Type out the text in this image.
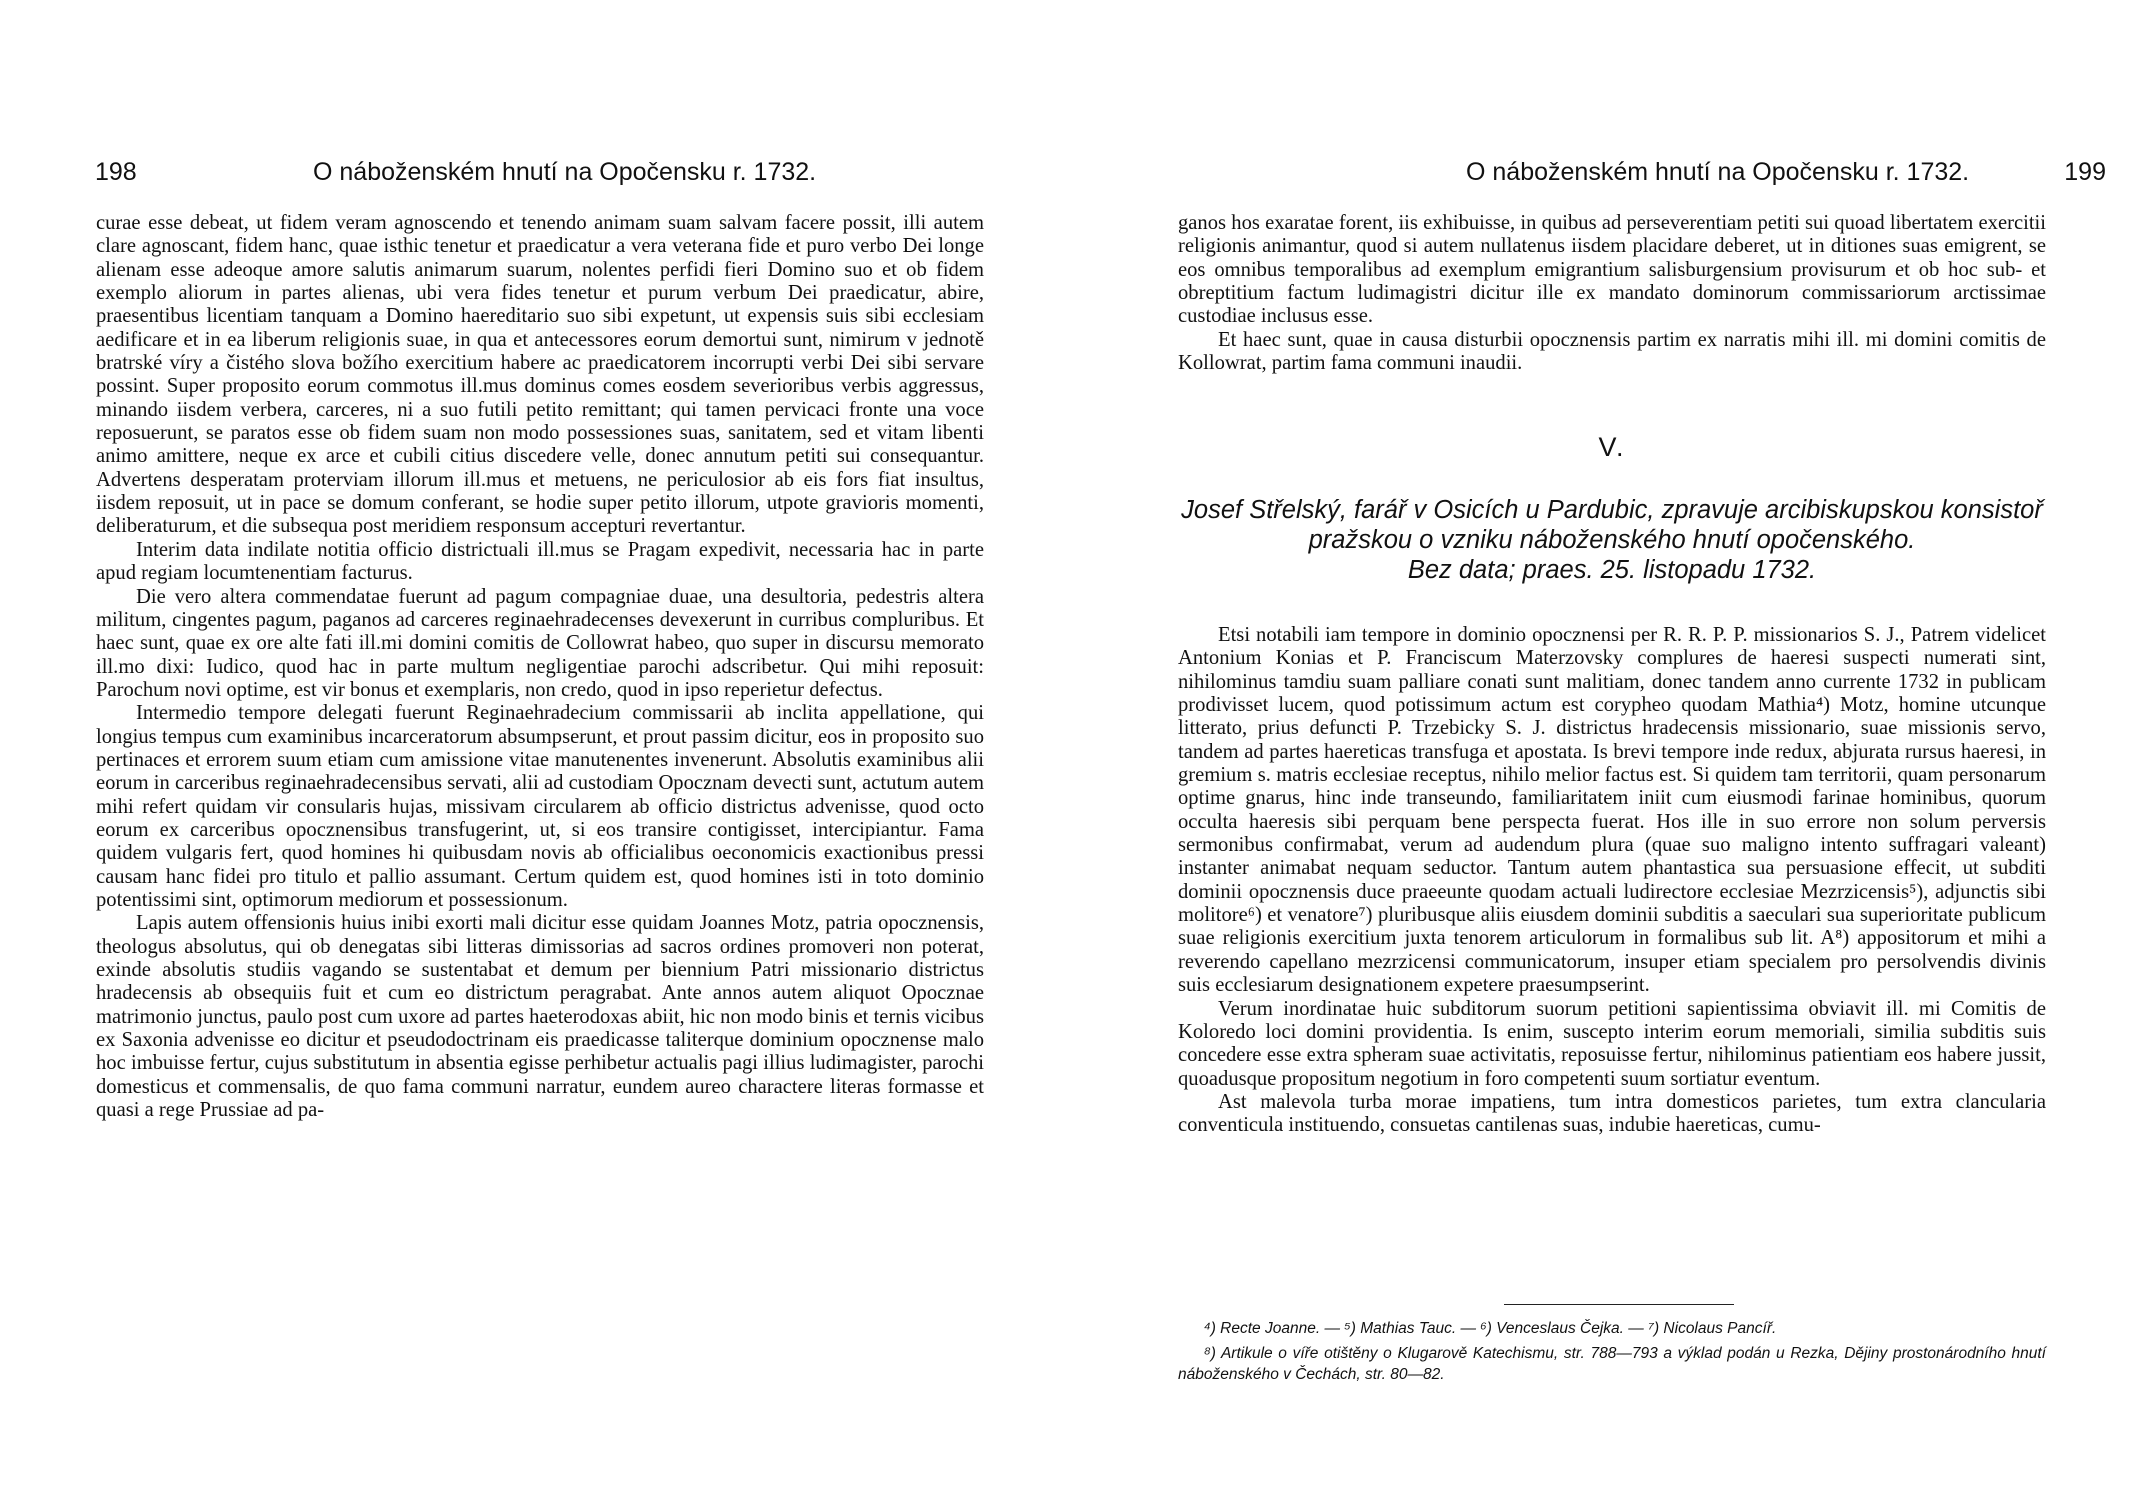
198	O náboženském hnutí na Opočensku r. 1732.

curae esse debeat, ut fidem veram agnoscendo et tenendo animam suam salvam facere possit, illi autem clare agnoscant, fidem hanc, quae isthic tenetur et praedicatur a vera veterana fide et puro verbo Dei longe alienam esse adeoque amore salutis animarum suarum, nolentes perfidi fieri Domino suo et ob fidem exemplo aliorum in partes alienas, ubi vera fides tenetur et purum verbum Dei praedicatur, abire, praesentibus licentiam tanquam a Domino haereditario suo sibi expetunt, ut expensis suis sibi ecclesiam aedificare et in ea liberum religionis suae, in qua et antecessores eorum demortui sunt, nimirum v jednotě bratrské víry a čistého slova božího exercitium habere ac praedicatorem incorrupti verbi Dei sibi servare possint. Super proposito eorum commotus ill.mus dominus comes eosdem severioribus verbis aggressus, minando iisdem verbera, carceres, ni a suo futili petito remittant; qui tamen pervicaci fronte una voce reposuerunt, se paratos esse ob fidem suam non modo possessiones suas, sanitatem, sed et vitam libenti animo amittere, neque ex arce et cubili citius discedere velle, donec annutum petiti sui consequantur. Advertens desperatam proterviam illorum ill.mus et metuens, ne periculosior ab eis fors fiat insultus, iisdem reposuit, ut in pace se domum conferant, se hodie super petito illorum, utpote gravioris momenti, deliberaturum, et die subsequa post meridiem responsum accepturi revertantur.

Interim data indilate notitia officio districtuali ill.mus se Pragam expedivit, necessaria hac in parte apud regiam locumtenentiam facturus.

Die vero altera commendatae fuerunt ad pagum compagniae duae, una desultoria, pedestris altera militum, cingentes pagum, paganos ad carceres reginaehradecenses devexerunt in curribus compluribus. Et haec sunt, quae ex ore alte fati ill.mi domini comitis de Collowrat habeo, quo super in discursu memorato ill.mo dixi: Iudico, quod hac in parte multum negligentiae parochi adscribetur. Qui mihi reposuit: Parochum novi optime, est vir bonus et exemplaris, non credo, quod in ipso reperietur defectus.

Intermedio tempore delegati fuerunt Reginaehradecium commissarii ab inclita appellatione, qui longius tempus cum examinibus incarceratorum absumpserunt, et prout passim dicitur, eos in proposito suo pertinaces et errorem suum etiam cum amissione vitae manutenentes invenerunt. Absolutis examinibus alii eorum in carceribus reginaehradecensibus servati, alii ad custodiam Opocznam devecti sunt, actutum autem mihi refert quidam vir consularis hujas, missivam circularem ab officio districtus advenisse, quod octo eorum ex carceribus opocznensibus transfugerint, ut, si eos transire contigisset, intercipiantur. Fama quidem vulgaris fert, quod homines hi quibusdam novis ab officialibus oeconomicis exactionibus pressi causam hanc fidei pro titulo et pallio assumant. Certum quidem est, quod homines isti in toto dominio potentissimi sint, optimorum mediorum et possessionum.

Lapis autem offensionis huius inibi exorti mali dicitur esse quidam Joannes Motz, patria opocznensis, theologus absolutus, qui ob denegatas sibi litteras dimissorias ad sacros ordines promoveri non poterat, exinde absolutis studiis vagando se sustentabat et demum per biennium Patri missionario districtus hradecensis ab obsequiis fuit et cum eo districtum peragrabat. Ante annos autem aliquot Opocznae matrimonio junctus, paulo post cum uxore ad partes haeterodoxas abiit, hic non modo binis et ternis vicibus ex Saxonia advenisse eo dicitur et pseudodoctrinam eis praedicasse taliterque dominium opocznense malo hoc imbuisse fertur, cujus substitutum in absentia egisse perhibetur actualis pagi illius ludimagister, parochi domesticus et commensalis, de quo fama communi narratur, eundem aureo charactere literas formasse et quasi a rege Prussiae ad pa-

O náboženském hnutí na Opočensku r. 1732.	199

ganos hos exaratae forent, iis exhibuisse, in quibus ad perseverentiam petiti sui quoad libertatem exercitii religionis animantur, quod si autem nullatenus iisdem placidare deberet, ut in ditiones suas emigrent, se eos omnibus temporalibus ad exemplum emigrantium salisburgensium provisurum et ob hoc sub- et obreptitium factum ludimagistri dicitur ille ex mandato dominorum commissariorum arctissimae custodiae inclusus esse.

Et haec sunt, quae in causa disturbii opocznensis partim ex narratis mihi ill. mi domini comitis de Kollowrat, partim fama communi inaudii.

V.
Josef Střelský, farář v Osicích u Pardubic, zpravuje arcibiskupskou konsistoř
pražskou o vzniku náboženského hnutí opočenského.
Bez data; praes. 25. listopadu 1732.

Etsi notabili iam tempore in dominio opocznensi per R. R. P. P. missionarios S. J., Patrem videlicet Antonium Konias et P. Franciscum Materzovsky complures de haeresi suspecti numerati sint, nihilominus tamdiu suam palliare conati sunt malitiam, donec tandem anno currente 1732 in publicam prodivisset lucem, quod potissimum actum est corypheo quodam Mathia⁴) Motz, homine utcunque litterato, prius defuncti P. Trzebicky S. J. districtus hradecensis missionario, suae missionis servo, tandem ad partes haereticas transfuga et apostata. Is brevi tempore inde redux, abjurata rursus haeresi, in gremium s. matris ecclesiae receptus, nihilo melior factus est. Si quidem tam territorii, quam personarum optime gnarus, hinc inde transeundo, familiaritatem iniit cum eiusmodi farinae hominibus, quorum occulta haeresis sibi perquam bene perspecta fuerat. Hos ille in suo errore non solum perversis sermonibus confirmabat, verum ad audendum plura (quae suo maligno intento suffragari valeant) instanter animabat nequam seductor. Tantum autem phantastica sua persuasione effecit, ut subditi dominii opocznensis duce praeeunte quodam actuali ludirectore ecclesiae Mezrzicensis⁵), adjunctis sibi molitore⁶) et venatore⁷) pluribusque aliis eiusdem dominii subditis a saeculari sua superioritate publicum suae religionis exercitium juxta tenorem articulorum in formalibus sub lit. A⁸) appositorum et mihi a reverendo capellano mezrzicensi communicatorum, insuper etiam specialem pro persolvendis divinis suis ecclesiarum designationem expetere praesumpserint.

Verum inordinatae huic subditorum suorum petitioni sapientissima obviavit ill. mi Comitis de Koloredo loci domini providentia. Is enim, suscepto interim eorum memoriali, similia subditis suis concedere esse extra spheram suae activitatis, reposuisse fertur, nihilominus patientiam eos habere jussit, quoadusque propositum negotium in foro competenti suum sortiatur eventum.

Ast malevola turba morae impatiens, tum intra domesticos parietes, tum extra clancularia conventicula instituendo, consuetas cantilenas suas, indubie haereticas, cumu-

⁴) Recte Joanne. — ⁵) Mathias Tauc. — ⁶) Venceslaus Čejka. — ⁷) Nicolaus Pancíř.

⁸) Artikule o víře otištěny o Klugarově Katechismu, str. 788—793 a výklad podán u Rezka, Dějiny prostonárodního hnutí náboženského v Čechách, str. 80—82.
